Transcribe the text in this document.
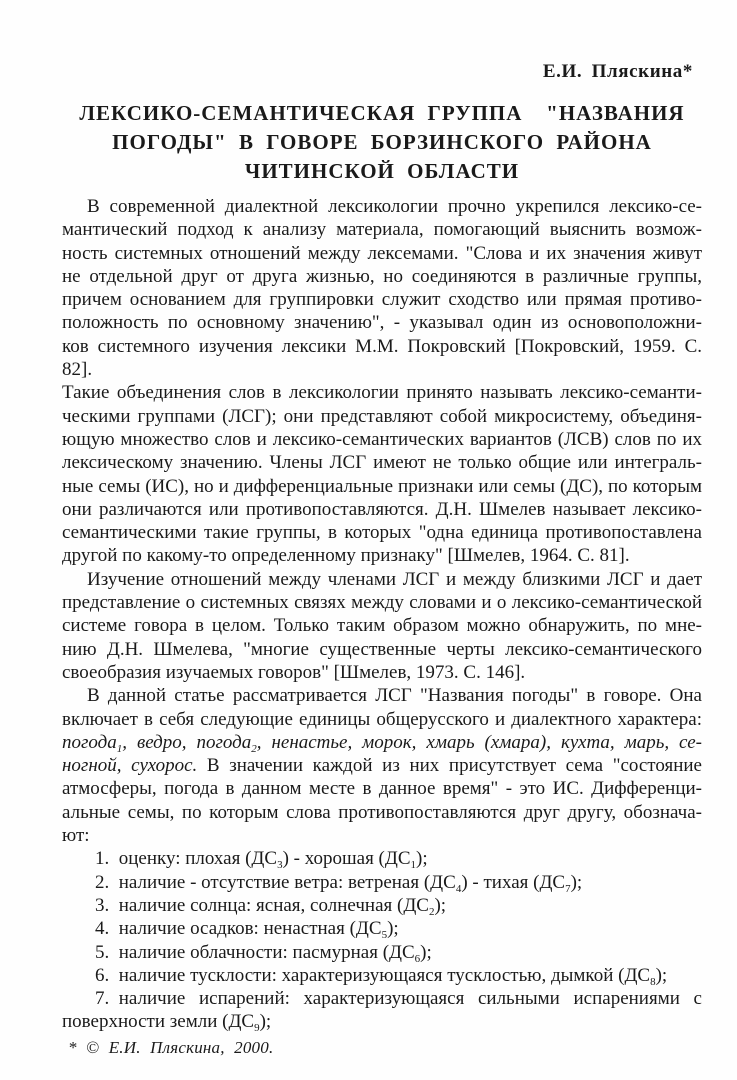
Е.И. Пляскина*
ЛЕКСИКО-СЕМАНТИЧЕСКАЯ ГРУППА  "НАЗВАНИЯ
ПОГОДЫ" В ГОВОРЕ БОРЗИНСКОГО РАЙОНА
ЧИТИНСКОЙ ОБЛАСТИ
В современной диалектной лексикологии прочно укрепился лексико-се-
мантический подход к анализу материала, помогающий выяснить возмож-
ность системных отношений между лексемами. "Слова и их значения живут
не отдельной друг от друга жизнью, но соединяются в различные группы,
причем основанием для группировки служит сходство или прямая противо-
положность по основному значению", - указывал один из основоположни-
ков системного изучения лексики М.М. Покровский [Покровский, 1959. С. 82].
Такие объединения слов в лексикологии принято называть лексико-семанти-
ческими группами (ЛСГ); они представляют собой микросистему, объединя-
ющую множество слов и лексико-семантических вариантов (ЛСВ) слов по их
лексическому значению. Члены ЛСГ имеют не только общие или интеграль-
ные семы (ИС), но и дифференциальные признаки или семы (ДС), по которым
они различаются или противопоставляются. Д.Н. Шмелев называет лексико-
семантическими такие группы, в которых "одна единица противопоставлена
другой по какому-то определенному признаку" [Шмелев, 1964. С. 81].
Изучение отношений между членами ЛСГ и между близкими ЛСГ и дает
представление о системных связях между словами и о лексико-семантической
системе говора в целом. Только таким образом можно обнаружить, по мне-
нию Д.Н. Шмелева, "многие существенные черты лексико-семантического
своеобразия изучаемых говоров" [Шмелев, 1973. С. 146].
В данной статье рассматривается ЛСГ "Названия погоды" в говоре. Она
включает в себя следующие единицы общерусского и диалектного характера:
погода$_1$, ведро, погода$_2$, ненастье, морок, хмарь (хмара), кухта, марь, се-
ногной, сухорос. В значении каждой из них присутствует сема "состояние
атмосферы, погода в данном месте в данное время" - это ИС. Дифференци-
альные семы, по которым слова противопоставляются друг другу, обознача-
ют:
1. оценку: плохая $(ДС_3)$ - хорошая $(ДС_1)$;
2. наличие - отсутствие ветра: ветреная $(ДС_4)$ - тихая $(ДС_7)$;
3. наличие солнца: ясная, солнечная $(ДС_2)$;
4. наличие осадков: ненастная $(ДС_5)$;
5. наличие облачности: пасмурная $(ДС_6)$;
6. наличие тусклости: характеризующаяся тусклостью, дымкой $(ДС_8)$;
7. наличие испарений: характеризующаяся сильными испарениями с
поверхности земли $(ДС_9)$;
* © Е.И. Пляскина, 2000.
